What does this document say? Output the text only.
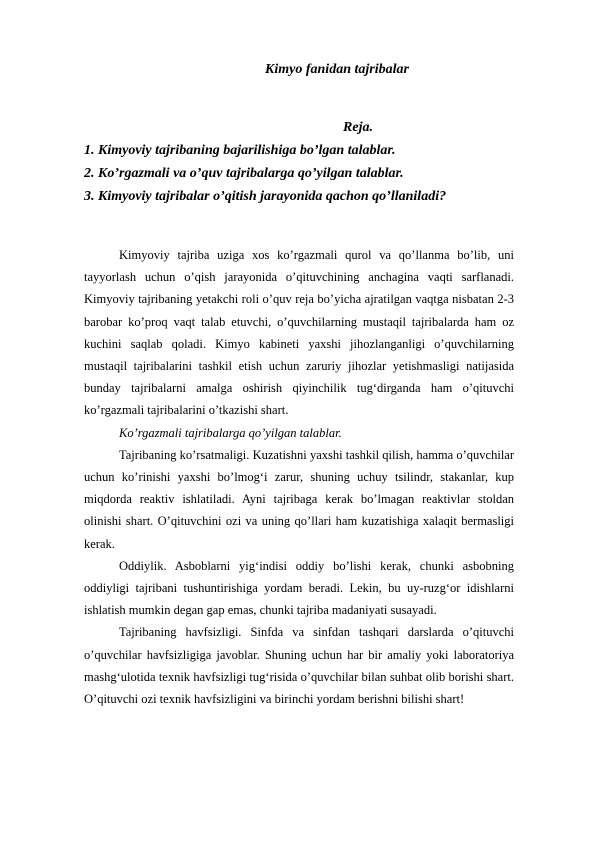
Kimyo fanidan tajribalar
Reja.
1. Kimyoviy tajribaning bajarilishiga bo’lgan talablar.
2. Ko’rgazmali va o’quv tajribalarga qo’yilgan talablar.
3. Kimyoviy tajribalar o’qitish jarayonida qachon qo’llaniladi?

Kimyoviy tajriba uziga xos ko’rgazmali qurol va qo’llanma bo’lib, uni tayyorlash uchun o’qish jarayonida o’qituvchining anchagina vaqti sarflanadi. Kimyoviy tajribaning yetakchi roli o’quv reja bo’yicha ajratilgan vaqtga nisbatan 2-3 barobar ko’proq vaqt talab etuvchi, o’quvchilarning mustaqil tajribalarda ham oz kuchini saqlab qoladi. Kimyo kabineti yaxshi jihozlanganligi o’quvchilarning mustaqil tajribalarini tashkil etish uchun zaruriy jihozlar yetishmasligi natijasida bunday tajribalarni amalga oshirish qiyinchilik tug‘dirganda ham o’qituvchi ko’rgazmali tajribalarini o’tkazishi shart.

Ko’rgazmali tajribalarga qo’yilgan talablar.

Tajribaning ko’rsatmaligi. Kuzatishni yaxshi tashkil qilish, hamma o’quvchilar uchun ko’rinishi yaxshi bo’lmog‘i zarur, shuning uchuy tsilindr, stakanlar, kup miqdorda reaktiv ishlatiladi. Ayni tajribaga kerak bo’lmagan reaktivlar stoldan olinishi shart. O’qituvchini ozi va uning qo’llari ham kuzatishiga xalaqit bermasligi kerak.

Oddiylik. Asboblarni yig‘indisi oddiy bo’lishi kerak, chunki asbobning oddiyligi tajribani tushuntirishiga yordam beradi. Lekin, bu uy-ruzg‘or idishlarni ishlatish mumkin degan gap emas, chunki tajriba madaniyati susayadi.

Tajribaning havfsizligi. Sinfda va sinfdan tashqari darslarda o’qituvchi o’quvchilar havfsizligiga javoblar. Shuning uchun har bir amaliy yoki laboratoriya mashg‘ulotida texnik havfsizligi tug‘risida o’quvchilar bilan suhbat olib borishi shart. O’qituvchi ozi texnik havfsizligini va birinchi yordam berishni bilishi shart!
